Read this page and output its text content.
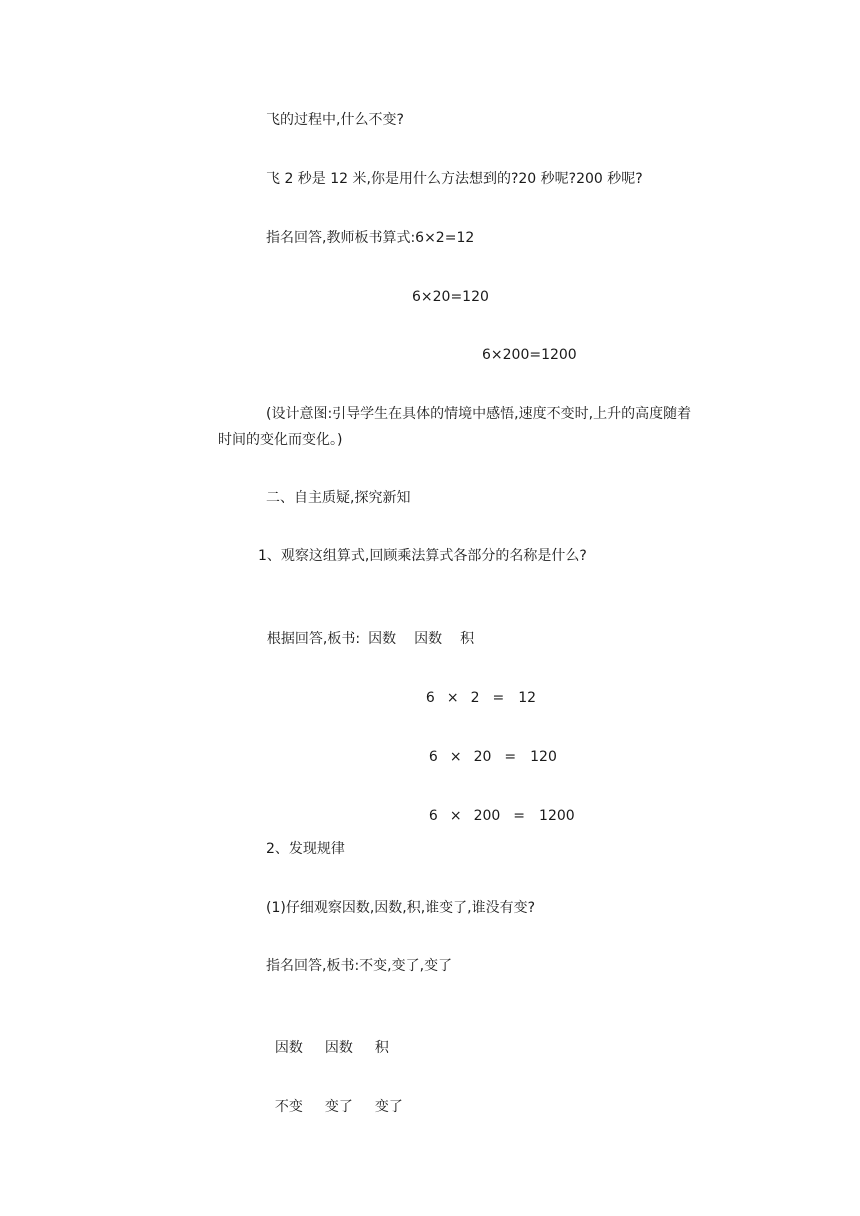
飞的过程中,什么不变?

飞 2 秒是 12 米,你是用什么方法想到的?20 秒呢?200 秒呢?

指名回答,教师板书算式:6×2=12

6×20=120

6×200=1200

(设计意图:引导学生在具体的情境中感悟,速度不变时,上升的高度随着

时间的变化而变化。)

二、自主质疑,探究新知

1、观察这组算式,回顾乘法算式各部分的名称是什么?

根据回答,板书: 因数 因数 积

6 × 2 = 12

6 × 20 = 120

6 × 200 = 1200

2、发现规律

(1)仔细观察因数,因数,积,谁变了,谁没有变?

指名回答,板书:不变,变了,变了

因数 因数 积

不变 变了 变了
